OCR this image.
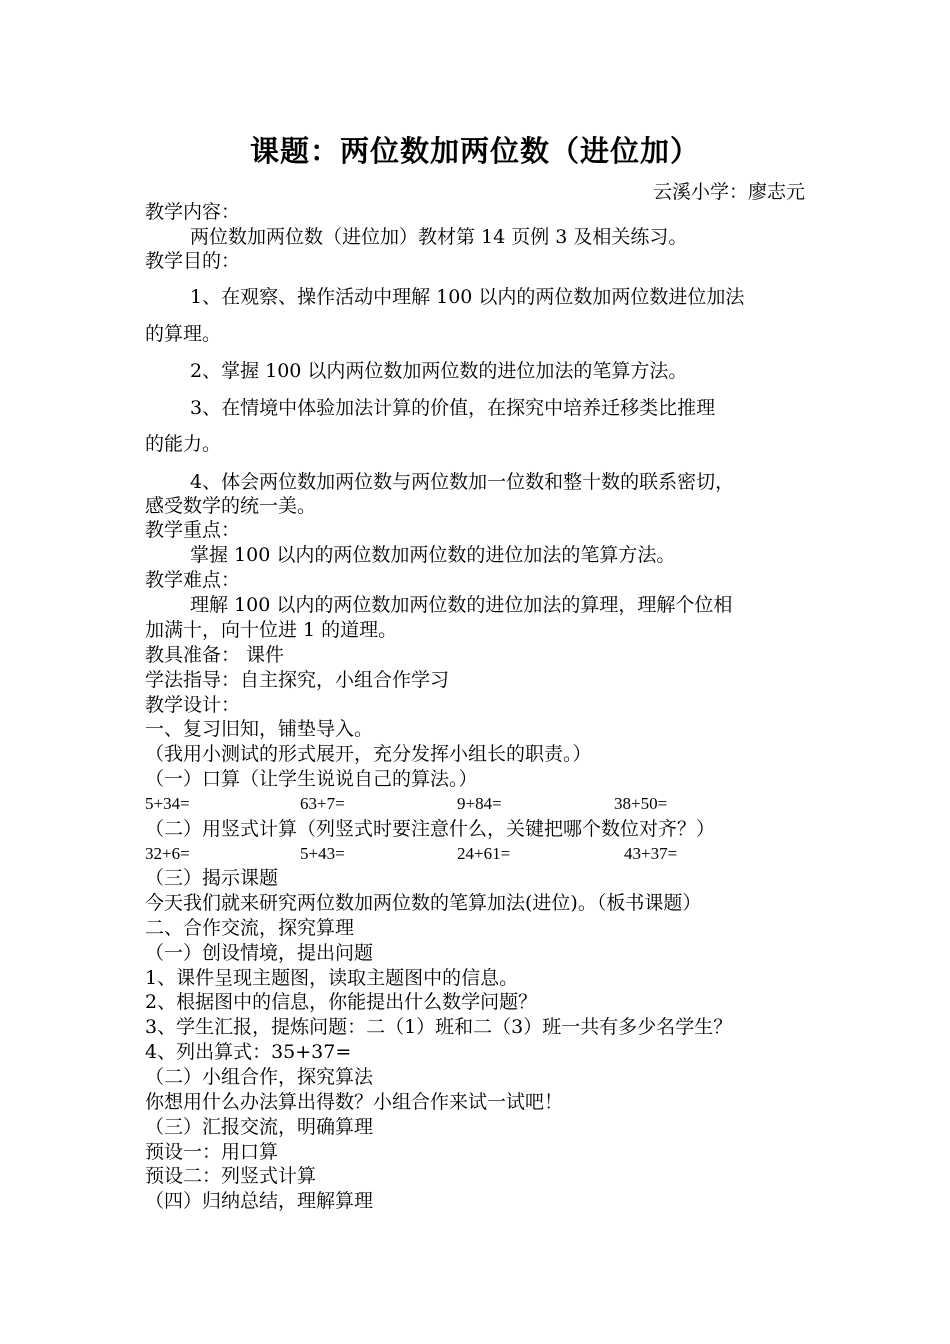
课题：两位数加两位数（进位加）
云溪小学：廖志元
教学内容：
两位数加两位数（进位加）教材第 14 页例 3 及相关练习。
教学目的：
1、在观察、操作活动中理解 100 以内的两位数加两位数进位加法
的算理。
2、掌握 100 以内两位数加两位数的进位加法的笔算方法。
3、在情境中体验加法计算的价值，在探究中培养迁移类比推理
的能力。
4、体会两位数加两位数与两位数加一位数和整十数的联系密切，
感受数学的统一美。
教学重点：
掌握 100 以内的两位数加两位数的进位加法的笔算方法。
教学难点：
理解 100 以内的两位数加两位数的进位加法的算理，理解个位相
加满十，向十位进 1 的道理。
教具准备： 课件
学法指导：自主探究，小组合作学习
教学设计：
一、复习旧知，铺垫导入。
（我用小测试的形式展开，充分发挥小组长的职责。）
（一）口算（让学生说说自己的算法。）
5+34=	63+7=	9+84=	38+50=
（二）用竖式计算（列竖式时要注意什么，关键把哪个数位对齐？）
32+6=	5+43=	24+61=	43+37=
（三）揭示课题
今天我们就来研究两位数加两位数的笔算加法(进位)。（板书课题）
二、合作交流，探究算理
（一）创设情境，提出问题
1、课件呈现主题图，读取主题图中的信息。
2、根据图中的信息，你能提出什么数学问题？
3、学生汇报，提炼问题：二（1）班和二（3）班一共有多少名学生？
4、列出算式：35+37=
（二）小组合作，探究算法
你想用什么办法算出得数？小组合作来试一试吧！
（三）汇报交流，明确算理
预设一：用口算
预设二：列竖式计算
（四）归纳总结，理解算理
